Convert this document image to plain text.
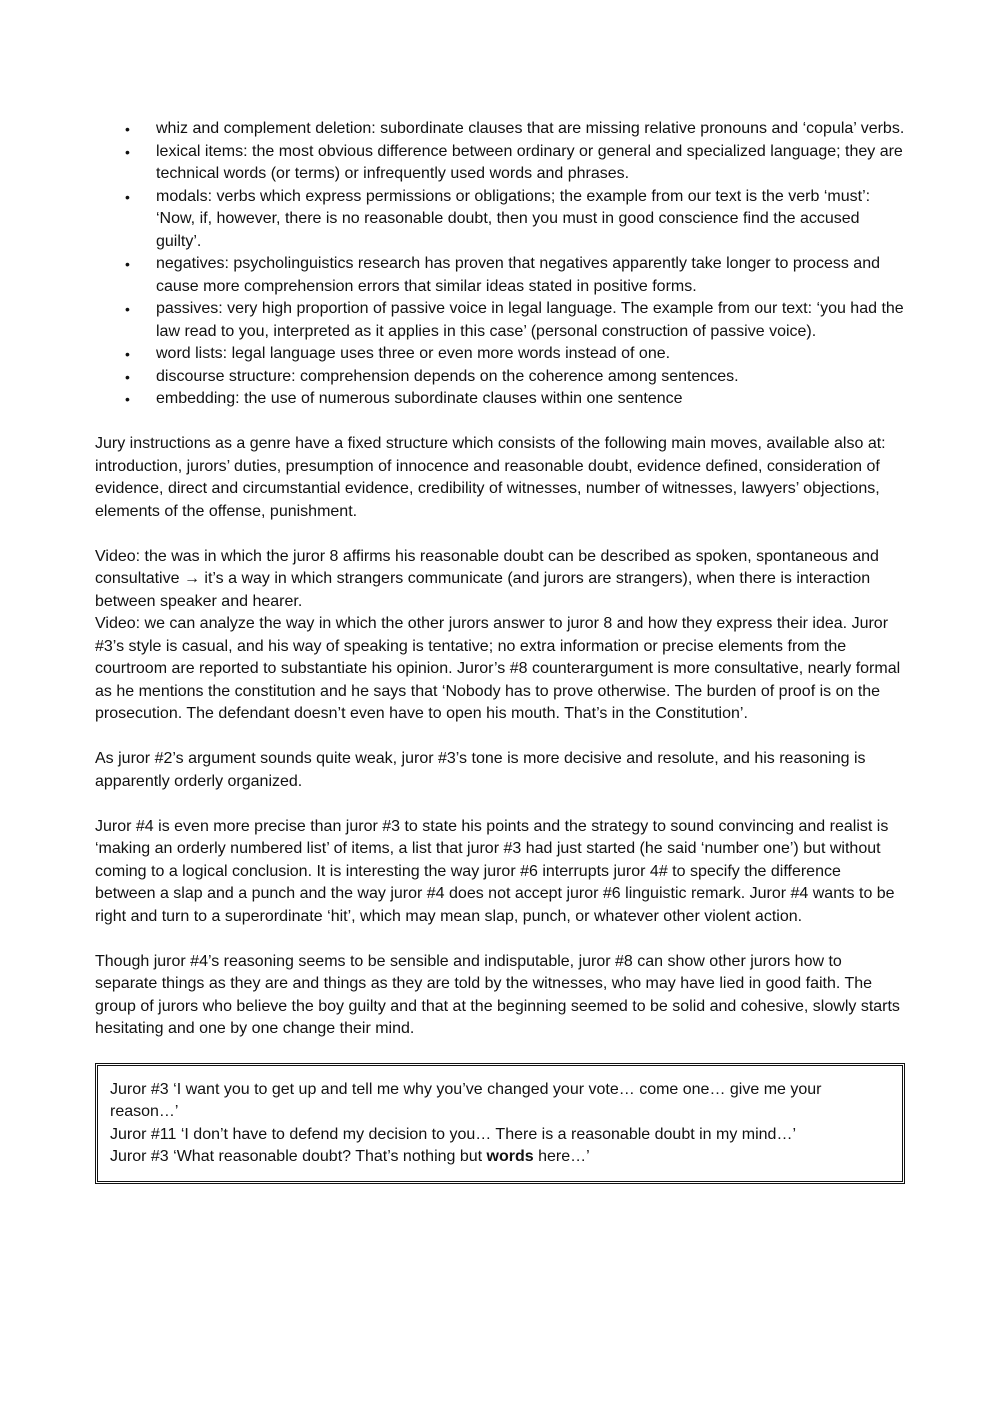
• whiz and complement deletion: subordinate clauses that are missing relative pronouns and ‘copula’ verbs.
• lexical items: the most obvious difference between ordinary or general and specialized language; they are technical words (or terms) or infrequently used words and phrases.
• modals: verbs which express permissions or obligations; the example from our text is the verb ‘must’: ‘Now, if, however, there is no reasonable doubt, then you must in good conscience find the accused guilty’.
• negatives: psycholinguistics research has proven that negatives apparently take longer to process and cause more comprehension errors that similar ideas stated in positive forms.
• passives: very high proportion of passive voice in legal language. The example from our text: ‘you had the law read to you, interpreted as it applies in this case’ (personal construction of passive voice).
• word lists: legal language uses three or even more words instead of one.
• discourse structure: comprehension depends on the coherence among sentences.
• embedding: the use of numerous subordinate clauses within one sentence

Jury instructions as a genre have a fixed structure which consists of the following main moves, available also at: introduction, jurors’ duties, presumption of innocence and reasonable doubt, evidence defined, consideration of evidence, direct and circumstantial evidence, credibility of witnesses, number of witnesses, lawyers’ objections, elements of the offense, punishment.

Video: the was in which the juror 8 affirms his reasonable doubt can be described as spoken, spontaneous and consultative → it’s a way in which strangers communicate (and jurors are strangers), when there is interaction between speaker and hearer.

Video: we can analyze the way in which the other jurors answer to juror 8 and how they express their idea. Juror #3’s style is casual, and his way of speaking is tentative; no extra information or precise elements from the courtroom are reported to substantiate his opinion. Juror’s #8 counterargument is more consultative, nearly formal as he mentions the constitution and he says that ‘Nobody has to prove otherwise. The burden of proof is on the prosecution. The defendant doesn’t even have to open his mouth. That’s in the Constitution’.

As juror #2’s argument sounds quite weak, juror #3’s tone is more decisive and resolute, and his reasoning is apparently orderly organized.

Juror #4 is even more precise than juror #3 to state his points and the strategy to sound convincing and realist is ‘making an orderly numbered list’ of items, a list that juror #3 had just started (he said ‘number one’) but without coming to a logical conclusion. It is interesting the way juror #6 interrupts juror 4# to specify the difference between a slap and a punch and the way juror #4 does not accept juror #6 linguistic remark. Juror #4 wants to be right and turn to a superordinate ‘hit’, which may mean slap, punch, or whatever other violent action.

Though juror #4’s reasoning seems to be sensible and indisputable, juror #8 can show other jurors how to separate things as they are and things as they are told by the witnesses, who may have lied in good faith. The group of jurors who believe the boy guilty and that at the beginning seemed to be solid and cohesive, slowly starts hesitating and one by one change their mind.

Juror #3 ‘I want you to get up and tell me why you’ve changed your vote… come one… give me your reason…’
Juror #11 ‘I don’t have to defend my decision to you… There is a reasonable doubt in my mind…’
Juror #3 ‘What reasonable doubt? That’s nothing but words here…’
